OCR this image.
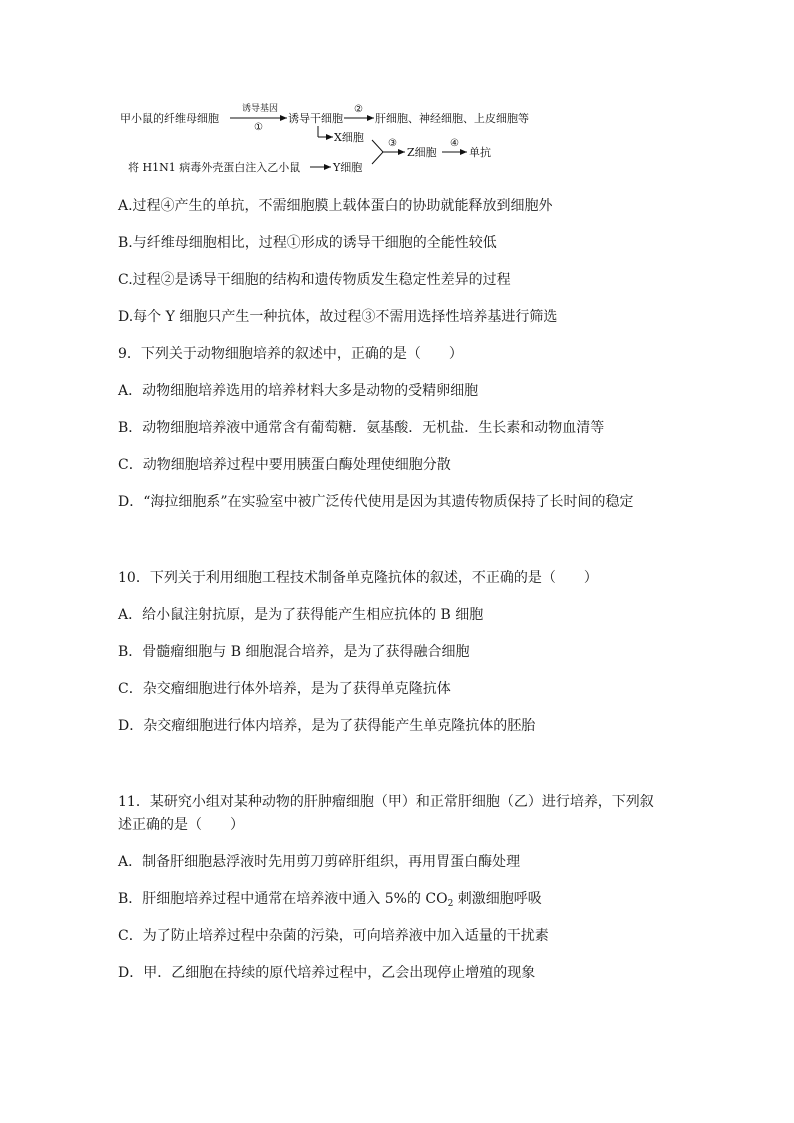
甲小鼠的纤维母细胞
诱导基因
①
诱导干细胞
②
肝细胞、神经细胞、上皮细胞等
X细胞
将 H1N1 病毒外壳蛋白注入乙小鼠	Y细胞
③
Z细胞
④
单抗
A.过程④产生的单抗，不需细胞膜上载体蛋白的协助就能释放到细胞外
B.与纤维母细胞相比，过程①形成的诱导干细胞的全能性较低
C.过程②是诱导干细胞的结构和遗传物质发生稳定性差异的过程
D.每个 Y 细胞只产生一种抗体，故过程③不需用选择性培养基进行筛选
9．下列关于动物细胞培养的叙述中，正确的是（　　）
A．动物细胞培养选用的培养材料大多是动物的受精卵细胞
B．动物细胞培养液中通常含有葡萄糖．氨基酸．无机盐．生长素和动物血清等
C．动物细胞培养过程中要用胰蛋白酶处理使细胞分散
D．“海拉细胞系”在实验室中被广泛传代使用是因为其遗传物质保持了长时间的稳定
10．下列关于利用细胞工程技术制备单克隆抗体的叙述，不正确的是（　　）
A．给小鼠注射抗原，是为了获得能产生相应抗体的 B 细胞
B．骨髓瘤细胞与 B 细胞混合培养，是为了获得融合细胞
C．杂交瘤细胞进行体外培养，是为了获得单克隆抗体
D．杂交瘤细胞进行体内培养，是为了获得能产生单克隆抗体的胚胎
11．某研究小组对某种动物的肝肿瘤细胞（甲）和正常肝细胞（乙）进行培养，下列叙
述正确的是（　　）
A．制备肝细胞悬浮液时先用剪刀剪碎肝组织，再用胃蛋白酶处理
B．肝细胞培养过程中通常在培养液中通入 5%的 $CO_2$ 刺激细胞呼吸
C．为了防止培养过程中杂菌的污染，可向培养液中加入适量的干扰素
D．甲．乙细胞在持续的原代培养过程中，乙会出现停止增殖的现象
